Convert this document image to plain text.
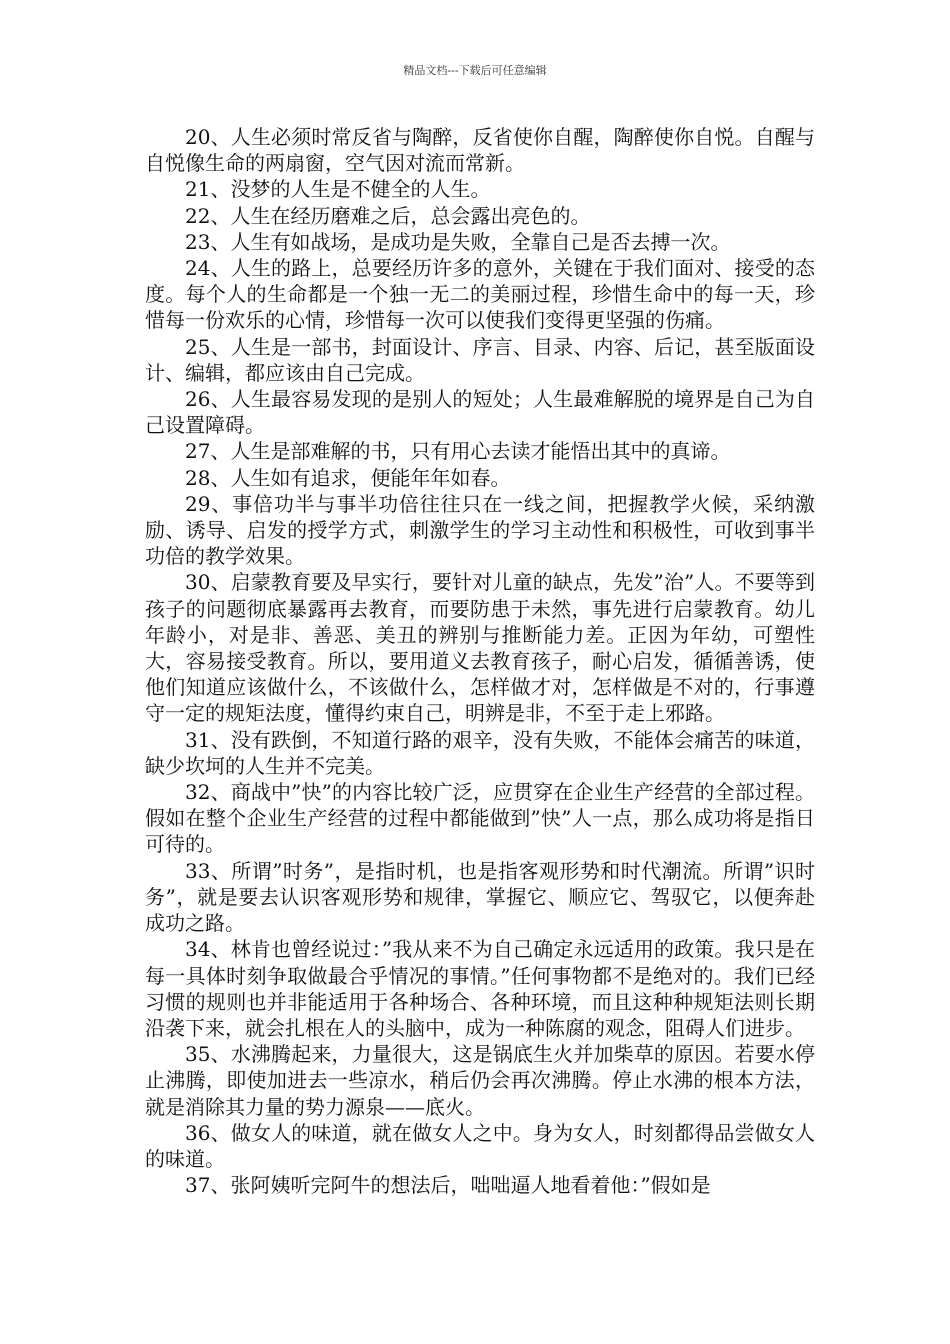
精品文档---下载后可任意编辑

20、人生必须时常反省与陶醉，反省使你自醒，陶醉使你自悦。自醒与自悦像生命的两扇窗，空气因对流而常新。

21、没梦的人生是不健全的人生。

22、人生在经历磨难之后，总会露出亮色的。

23、人生有如战场，是成功是失败，全靠自己是否去搏一次。

24、人生的路上，总要经历许多的意外，关键在于我们面对、接受的态度。每个人的生命都是一个独一无二的美丽过程，珍惜生命中的每一天，珍惜每一份欢乐的心情，珍惜每一次可以使我们变得更坚强的伤痛。

25、人生是一部书，封面设计、序言、目录、内容、后记，甚至版面设计、编辑，都应该由自己完成。

26、人生最容易发现的是别人的短处；人生最难解脱的境界是自己为自己设置障碍。

27、人生是部难解的书，只有用心去读才能悟出其中的真谛。

28、人生如有追求，便能年年如春。

29、事倍功半与事半功倍往往只在一线之间，把握教学火候，采纳激励、诱导、启发的授学方式，刺激学生的学习主动性和积极性，可收到事半功倍的教学效果。

30、启蒙教育要及早实行，要针对儿童的缺点，先发”治”人。不要等到孩子的问题彻底暴露再去教育，而要防患于未然，事先进行启蒙教育。幼儿年龄小，对是非、善恶、美丑的辨别与推断能力差。正因为年幼，可塑性大，容易接受教育。所以，要用道义去教育孩子，耐心启发，循循善诱，使他们知道应该做什么，不该做什么，怎样做才对，怎样做是不对的，行事遵守一定的规矩法度，懂得约束自己，明辨是非，不至于走上邪路。

31、没有跌倒，不知道行路的艰辛，没有失败，不能体会痛苦的味道，缺少坎坷的人生并不完美。

32、商战中”快”的内容比较广泛，应贯穿在企业生产经营的全部过程。假如在整个企业生产经营的过程中都能做到”快”人一点，那么成功将是指日可待的。

33、所谓”时务”，是指时机，也是指客观形势和时代潮流。所谓”识时务”，就是要去认识客观形势和规律，掌握它、顺应它、驾驭它，以便奔赴成功之路。

34、林肯也曾经说过：”我从来不为自己确定永远适用的政策。我只是在每一具体时刻争取做最合乎情况的事情。”任何事物都不是绝对的。我们已经习惯的规则也并非能适用于各种场合、各种环境，而且这种种规矩法则长期沿袭下来，就会扎根在人的头脑中，成为一种陈腐的观念，阻碍人们进步。

35、水沸腾起来，力量很大，这是锅底生火并加柴草的原因。若要水停止沸腾，即使加进去一些凉水，稍后仍会再次沸腾。停止水沸的根本方法，就是消除其力量的势力源泉——底火。

36、做女人的味道，就在做女人之中。身为女人，时刻都得品尝做女人的味道。

37、张阿姨听完阿牛的想法后，咄咄逼人地看着他：”假如是
